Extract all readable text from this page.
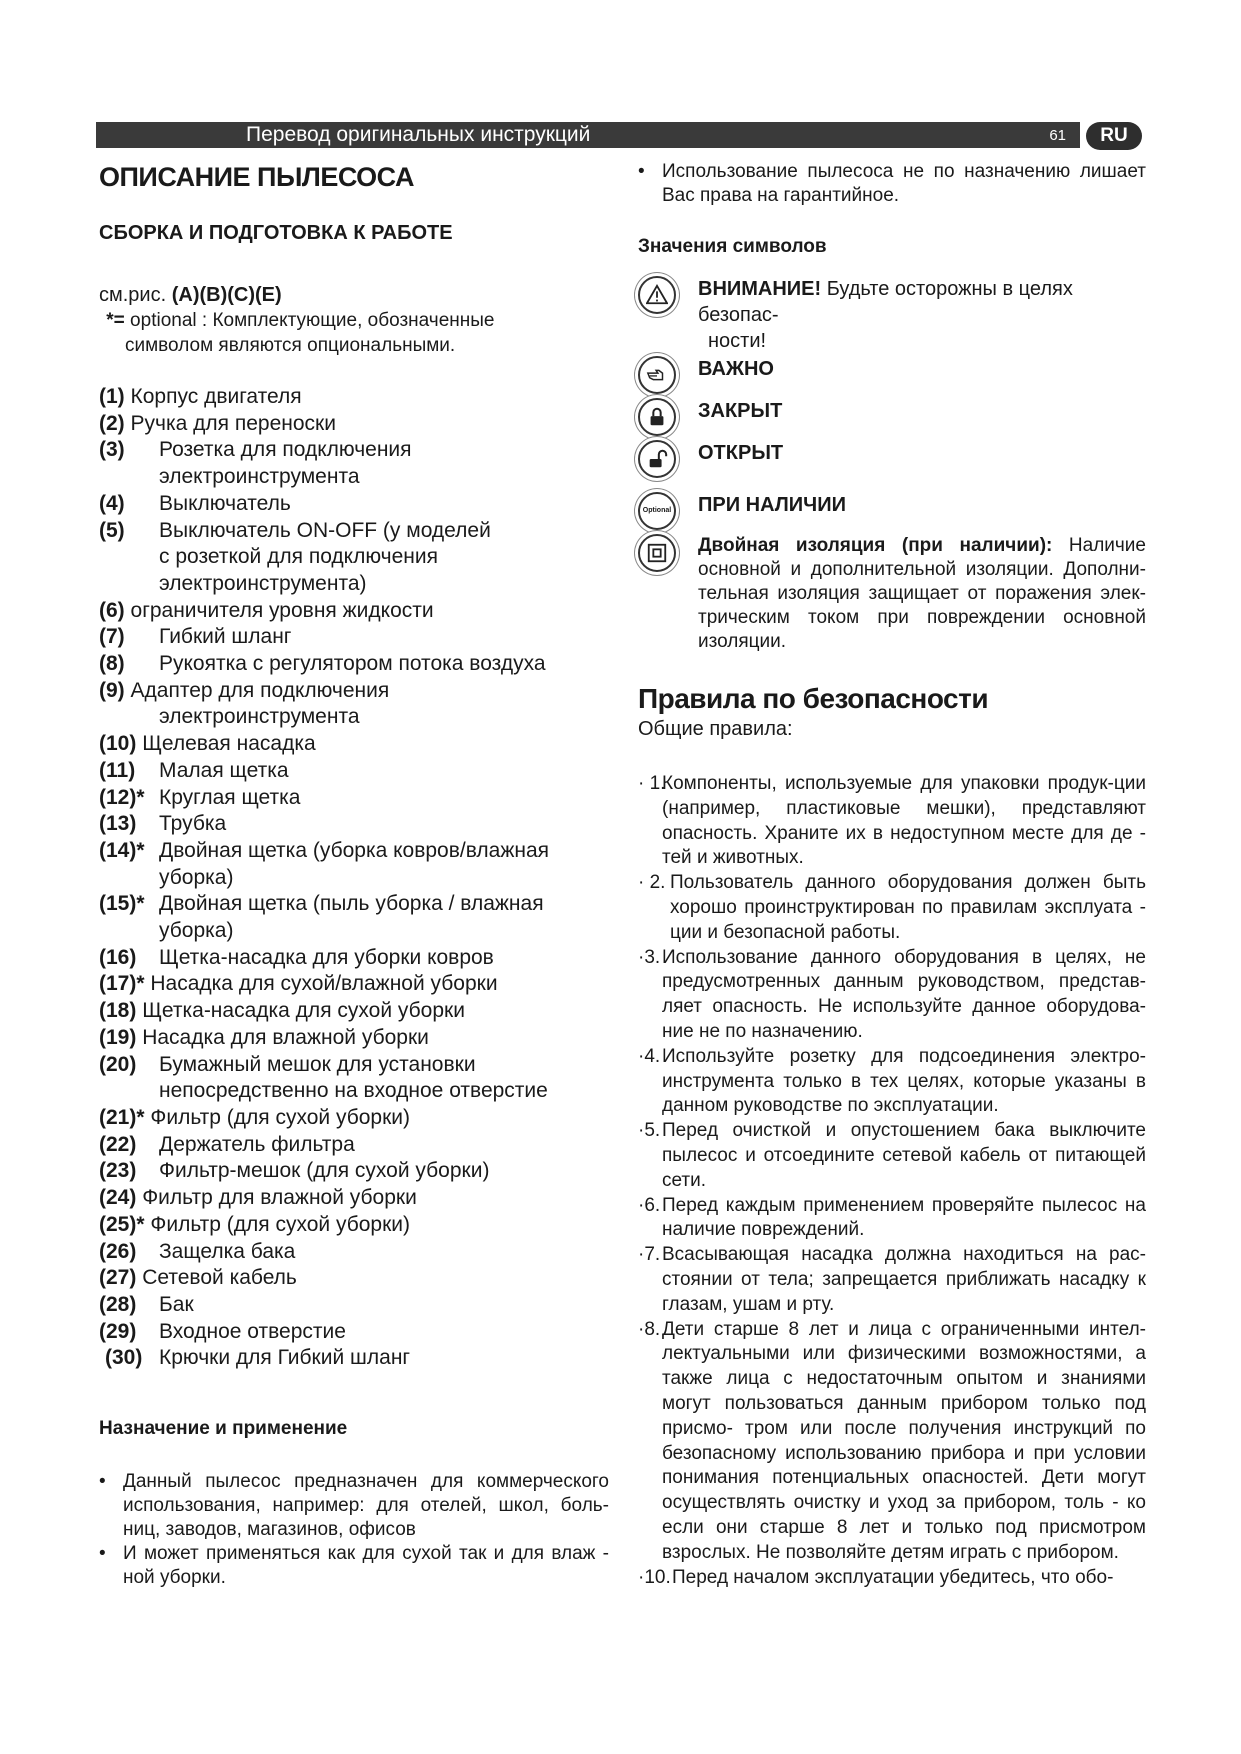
Перевод оригинальных инструкций	61	RU
ОПИСАНИЕ ПЫЛЕСОСА
СБОРКА И ПОДГОТОВКА К РАБОТЕ
см.рис. (A)(B)(C)(E)
*= optional : Комплектующие, обозначенные
символом являются опциональными.
(1) Корпус двигателя
(2) Ручка для переноски
(3) Розетка для подключения
электроинструмента
(4) Выключатель
(5) Выключатель ON-OFF (у моделей
с розеткой для подключения
электроинструмента)
(6) ограничителя уровня жидкости
(7) Гибкий шланг
(8) Рукоятка с регулятором потока воздуха
(9) Адаптер для подключения
электроинструмента
(10) Щелевая насадка
(11) Малая щетка
(12)* Круглая щетка
(13) Трубка
(14)* Двойная щетка (уборка ковров/влажная
уборка)
(15)* Двойная щетка (пыль уборка / влажная
уборка)
(16) Щетка-насадка для уборки ковров
(17)* Насадка для сухой/влажной уборки
(18) Щетка-насадка для сухой уборки
(19) Насадка для влажной уборки
(20) Бумажный мешок для установки
непосредственно на входное отверстие
(21)* Фильтр (для сухой уборки)
(22) Держатель фильтра
(23) Фильтр-мешок (для сухой уборки)
(24) Фильтр для влажной уборки
(25)* Фильтр (для сухой уборки)
(26) Защелка бака
(27) Сетевой кабель
(28) Бак
(29) Входное отверстие
(30) Крючки для Гибкий шланг
Назначение и применение
• Данный пылесос предназначен для коммерческого использования, например: для отелей, школ, боль-ниц, заводов, магазинов, офисов
• И может применяться как для сухой так и для влаж - ной уборки.
• Использование пылесоса не по назначению лишает Вас права на гарантийное.
Значения символов
ВНИМАНИЕ! Будьте осторожны в целях безопас-
ности!
ВАЖНО
ЗАКРЫТ
ОТКРЫТ
Optional ПРИ НАЛИЧИИ
Двойная изоляция (при наличии): Наличие основной и дополнительной изоляции. Дополни-тельная изоляция защищает от поражения элек-трическим током при повреждении основной изоляции.
Правила по безопасности
Общие правила:
· 1.
Компоненты, используемые для упаковки продук-ции (например, пластиковые мешки), представляют опасность. Храните их в недоступном месте для де - тей и животных.
· 2. Пользователь данного оборудования должен быть хорошо проинструктирован по правилам эксплуата - ции и безопасной работы.
·3. Использование данного оборудования в целях, не предусмотренных данным руководством, представ-ляет опасность. Не используйте данное оборудова-ние не по назначению.
·4. Используйте розетку для подсоединения электро-инструмента только в тех целях, которые указаны в данном руководстве по эксплуатации.
·5. Перед очисткой и опустошением бака выключите пылесос и отсоедините сетевой кабель от питающей сети.
·6. Перед каждым применением проверяйте пылесос на наличие повреждений.
·7. Всасывающая насадка должна находиться на рас-стоянии от тела; запрещается приближать насадку к глазам, ушам и рту.
·8. Дети старше 8 лет и лица с ограниченными интел-лектуальными или физическими возможностями, а также лица с недостаточным опытом и знаниями могут пользоваться данным прибором только под присмо- тром или после получения инструкций по безопасному использованию прибора и при условии понимания потенциальных опасностей. Дети могут осуществлять очистку и уход за прибором, толь - ко если они старше 8 лет и только под присмотром взрослых. Не позволяйте детям играть с прибором.
·10. Перед началом эксплуатации убедитесь, что обо-
